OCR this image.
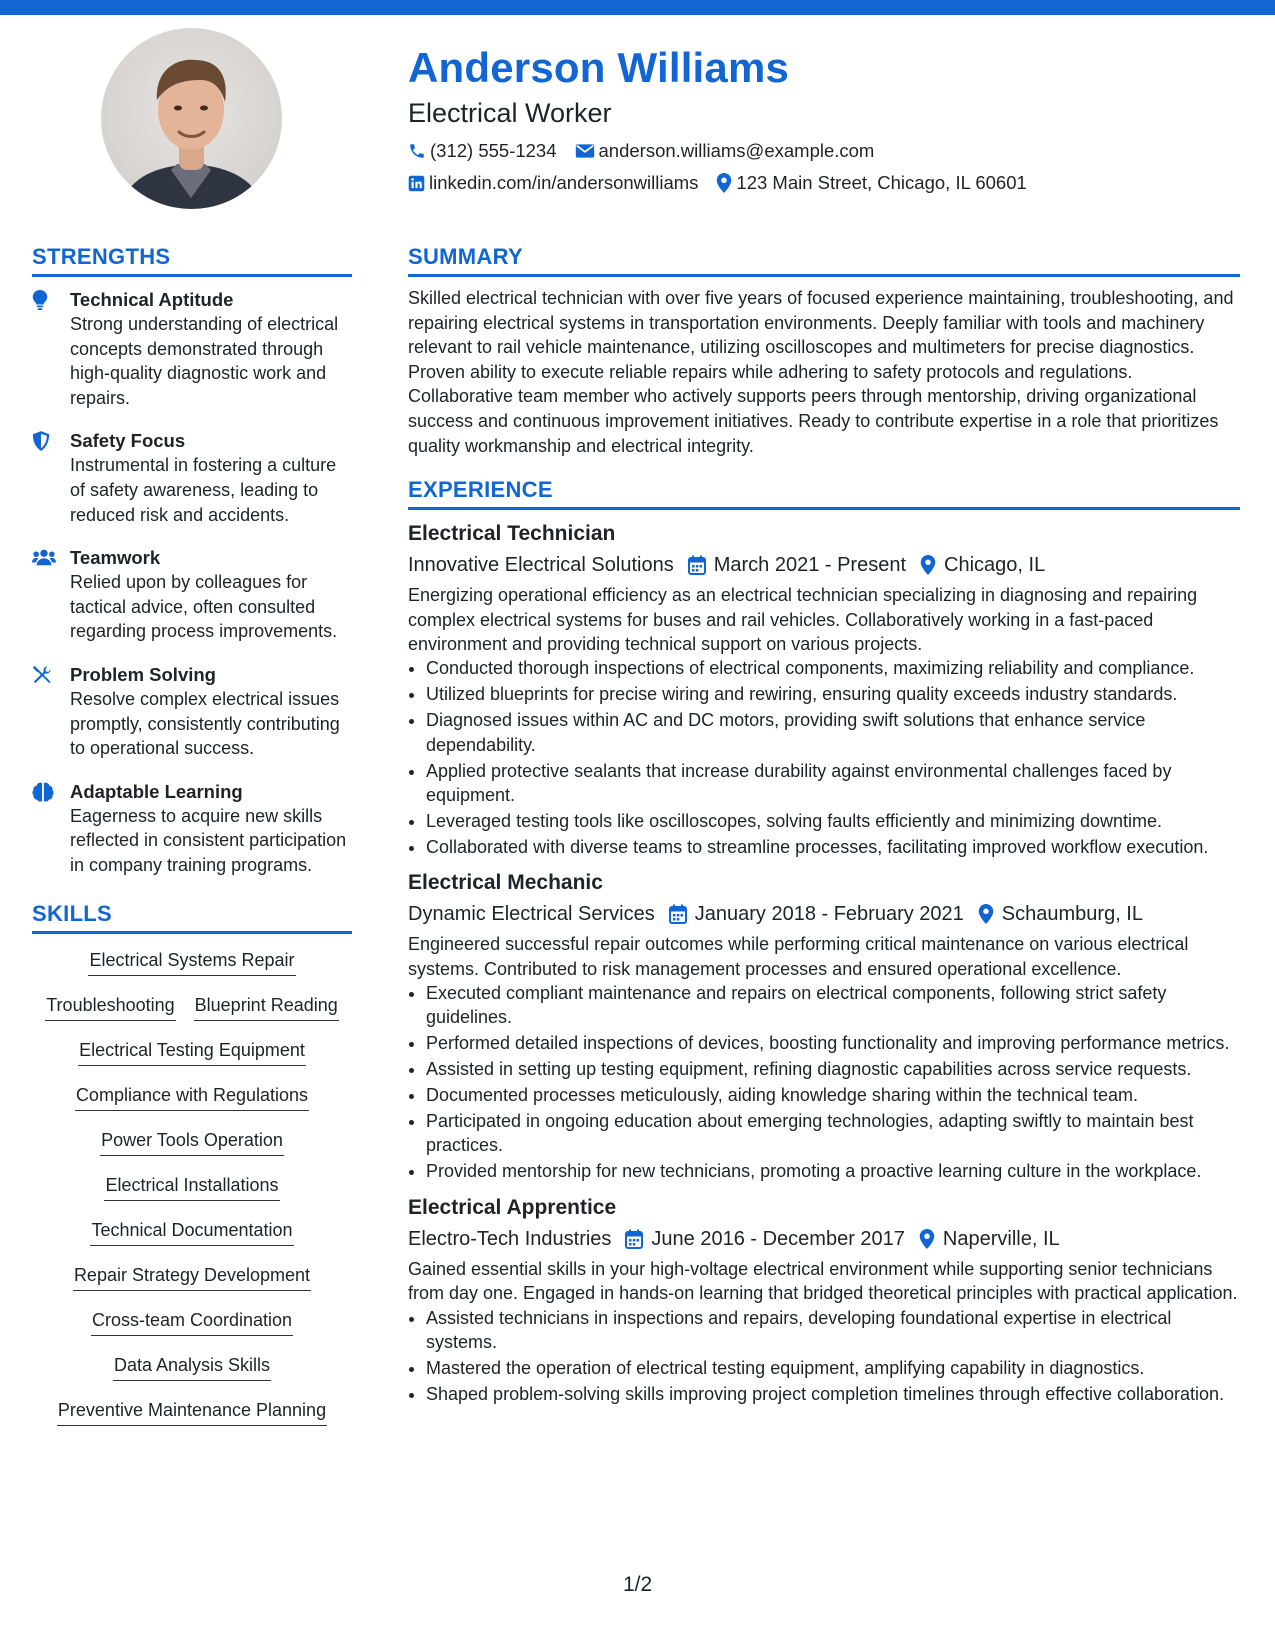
Anderson Williams
Electrical Worker
(312) 555-1234 anderson.williams@example.com
linkedin.com/in/andersonwilliams 123 Main Street, Chicago, IL 60601
STRENGTHS
Technical Aptitude
Strong understanding of electrical concepts demonstrated through high-quality diagnostic work and repairs.
Safety Focus
Instrumental in fostering a culture of safety awareness, leading to reduced risk and accidents.
Teamwork
Relied upon by colleagues for tactical advice, often consulted regarding process improvements.
Problem Solving
Resolve complex electrical issues promptly, consistently contributing to operational success.
Adaptable Learning
Eagerness to acquire new skills reflected in consistent participation in company training programs.
SKILLS
Electrical Systems Repair
Troubleshooting Blueprint Reading
Electrical Testing Equipment
Compliance with Regulations
Power Tools Operation
Electrical Installations
Technical Documentation
Repair Strategy Development
Cross-team Coordination
Data Analysis Skills
Preventive Maintenance Planning
SUMMARY
Skilled electrical technician with over five years of focused experience maintaining, troubleshooting, and repairing electrical systems in transportation environments. Deeply familiar with tools and machinery relevant to rail vehicle maintenance, utilizing oscilloscopes and multimeters for precise diagnostics. Proven ability to execute reliable repairs while adhering to safety protocols and regulations. Collaborative team member who actively supports peers through mentorship, driving organizational success and continuous improvement initiatives. Ready to contribute expertise in a role that prioritizes quality workmanship and electrical integrity.
EXPERIENCE
Electrical Technician
Innovative Electrical Solutions March 2021 - Present Chicago, IL
Energizing operational efficiency as an electrical technician specializing in diagnosing and repairing complex electrical systems for buses and rail vehicles. Collaboratively working in a fast-paced environment and providing technical support on various projects.
• Conducted thorough inspections of electrical components, maximizing reliability and compliance.
• Utilized blueprints for precise wiring and rewiring, ensuring quality exceeds industry standards.
• Diagnosed issues within AC and DC motors, providing swift solutions that enhance service dependability.
• Applied protective sealants that increase durability against environmental challenges faced by equipment.
• Leveraged testing tools like oscilloscopes, solving faults efficiently and minimizing downtime.
• Collaborated with diverse teams to streamline processes, facilitating improved workflow execution.
Electrical Mechanic
Dynamic Electrical Services January 2018 - February 2021 Schaumburg, IL
Engineered successful repair outcomes while performing critical maintenance on various electrical systems. Contributed to risk management processes and ensured operational excellence.
• Executed compliant maintenance and repairs on electrical components, following strict safety guidelines.
• Performed detailed inspections of devices, boosting functionality and improving performance metrics.
• Assisted in setting up testing equipment, refining diagnostic capabilities across service requests.
• Documented processes meticulously, aiding knowledge sharing within the technical team.
• Participated in ongoing education about emerging technologies, adapting swiftly to maintain best practices.
• Provided mentorship for new technicians, promoting a proactive learning culture in the workplace.
Electrical Apprentice
Electro-Tech Industries June 2016 - December 2017 Naperville, IL
Gained essential skills in your high-voltage electrical environment while supporting senior technicians from day one. Engaged in hands-on learning that bridged theoretical principles with practical application.
• Assisted technicians in inspections and repairs, developing foundational expertise in electrical systems.
• Mastered the operation of electrical testing equipment, amplifying capability in diagnostics.
• Shaped problem-solving skills improving project completion timelines through effective collaboration.
1/2
